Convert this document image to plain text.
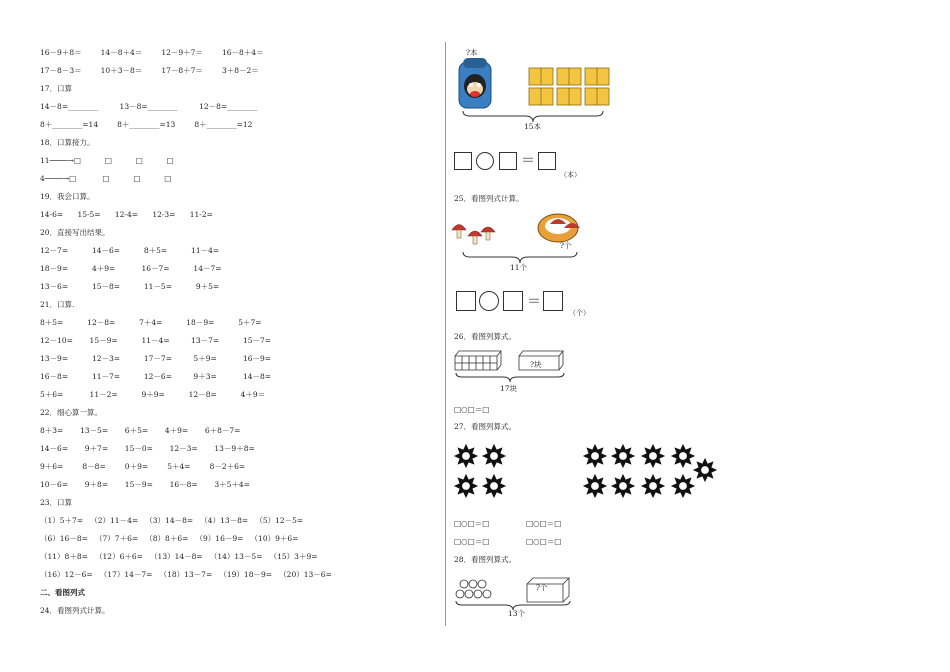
16－9＋8＝        14－8＋4＝        12－9＋7＝        16－8＋4＝
17－8－3＝        10＋3－8＝        17－8＋7＝        3＋8－2＝
17．口算
14－8=________         13－8=________         12－8=________
8＋________=14        8＋________=13        8＋________=12
18．口算接力。
11────→□          □          □          □
4────→□           □          □          □
19．我会口算。
14-6=      15-5=      12-4=      12-3=      11-2=
20．直接写出结果。
12－7=          14－6=          8＋5=          11－4=
18－9=          4＋9=           16－7=          14－7=
13－6=          15－8=          11－5=          9＋5=
21．口算.
8＋5=          12－8=          7＋4=          18－9=          5＋7=
12－10=       15－9=          11－4=         13－7=          15－7=
13－9=          12－3=          17－7=         5＋9=           16－9=
16－8=          11－7=          12－6=         9＋3=           14－8=
5＋6=           11－2=          9＋9=          12－8=          4＋9＝
22．细心算一算。
8＋3=       13－5=       6＋5=       4＋9=       6＋8－7=
14－6=       9＋7=       15－0=       12－3=       13－9＋8=
9＋6=        8－8=        0＋9=        5＋4=        8－2＋6=
10－6=       9＋8=       15－9=       16－8=       3＋5＋4=
23．口算
（1）5＋7=   （2）11－4=   （3）14－8=   （4）13－8=   （5）12－5=
（6）16－8=   （7）7＋6=   （8）8＋6=   （9）16－9=   （10）9＋6=
（11）8＋8=   （12）6＋6=   （13）14－8=   （14）13－5=   （15）3＋9=
（16）12－6=   （17）14－7=   （18）13－7=   （19）18－9=   （20）13－6=
二、看图列式
24．看图列式计算。
?本
15本
＝
（本）
25．看图列式计算。
?个
11个
＝
（个）
26．看图列算式。
?块
17块
□○□＝□
27．看图列算式。
□○□＝□	□○□＝□
□○□＝□	□○□＝□
28．看图列算式。
?个
13个
